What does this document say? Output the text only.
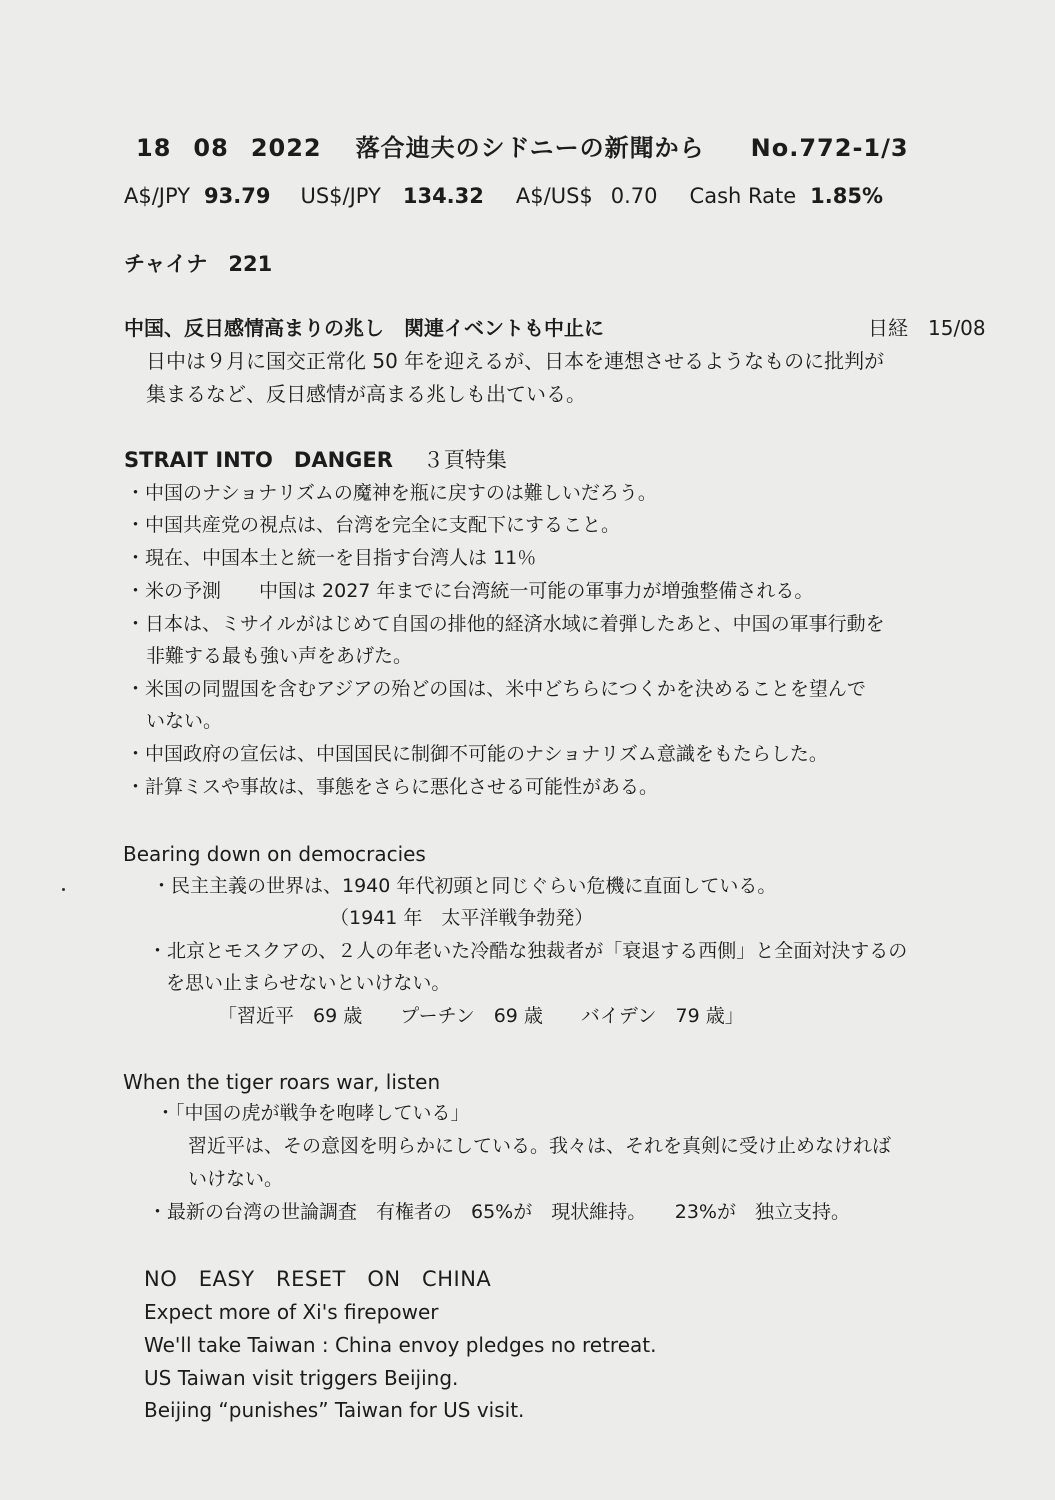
18 08 2022 落合迪夫のシドニーの新聞から No.772-1/3
A$/JPY 93.79 US$/JPY 134.32 A$/US$ 0.70 Cash Rate 1.85%
チャイナ　221
中国、反日感情高まりの兆し　関連イベントも中止に	日経　15/08
日中は９月に国交正常化 50 年を迎えるが、日本を連想させるようなものに批判が
集まるなど、反日感情が高まる兆しも出ている。
STRAIT INTO　DANGER ３頁特集
・中国のナショナリズムの魔神を瓶に戻すのは難しいだろう。
・中国共産党の視点は、台湾を完全に支配下にすること。
・現在、中国本土と統一を目指す台湾人は 11％
・米の予測　　中国は 2027 年までに台湾統一可能の軍事力が増強整備される。
・日本は、ミサイルがはじめて自国の排他的経済水域に着弾したあと、中国の軍事行動を
非難する最も強い声をあげた。
・米国の同盟国を含むアジアの殆どの国は、米中どちらにつくかを決めることを望んで
いない。
・中国政府の宣伝は、中国国民に制御不可能のナショナリズム意識をもたらした。
・計算ミスや事故は、事態をさらに悪化させる可能性がある。
Bearing down on democracies
・民主主義の世界は、1940 年代初頭と同じぐらい危機に直面している。
（1941 年　太平洋戦争勃発）
・北京とモスクアの、２人の年老いた冷酷な独裁者が「衰退する西側」と全面対決するの
を思い止まらせないといけない。
「習近平　69 歳　　プーチン　69 歳　　バイデン　79 歳」
When the tiger roars war, listen
・「中国の虎が戦争を咆哮している」
習近平は、その意図を明らかにしている。我々は、それを真剣に受け止めなければ
いけない。
・最新の台湾の世論調査　有権者の　65%が　現状維持。　　23%が　独立支持。
NO　EASY　RESET　ON　CHINA
Expect more of Xi's firepower
We'll take Taiwan : China envoy pledges no retreat.
US Taiwan visit triggers Beijing.
Beijing “punishes” Taiwan for US visit.
